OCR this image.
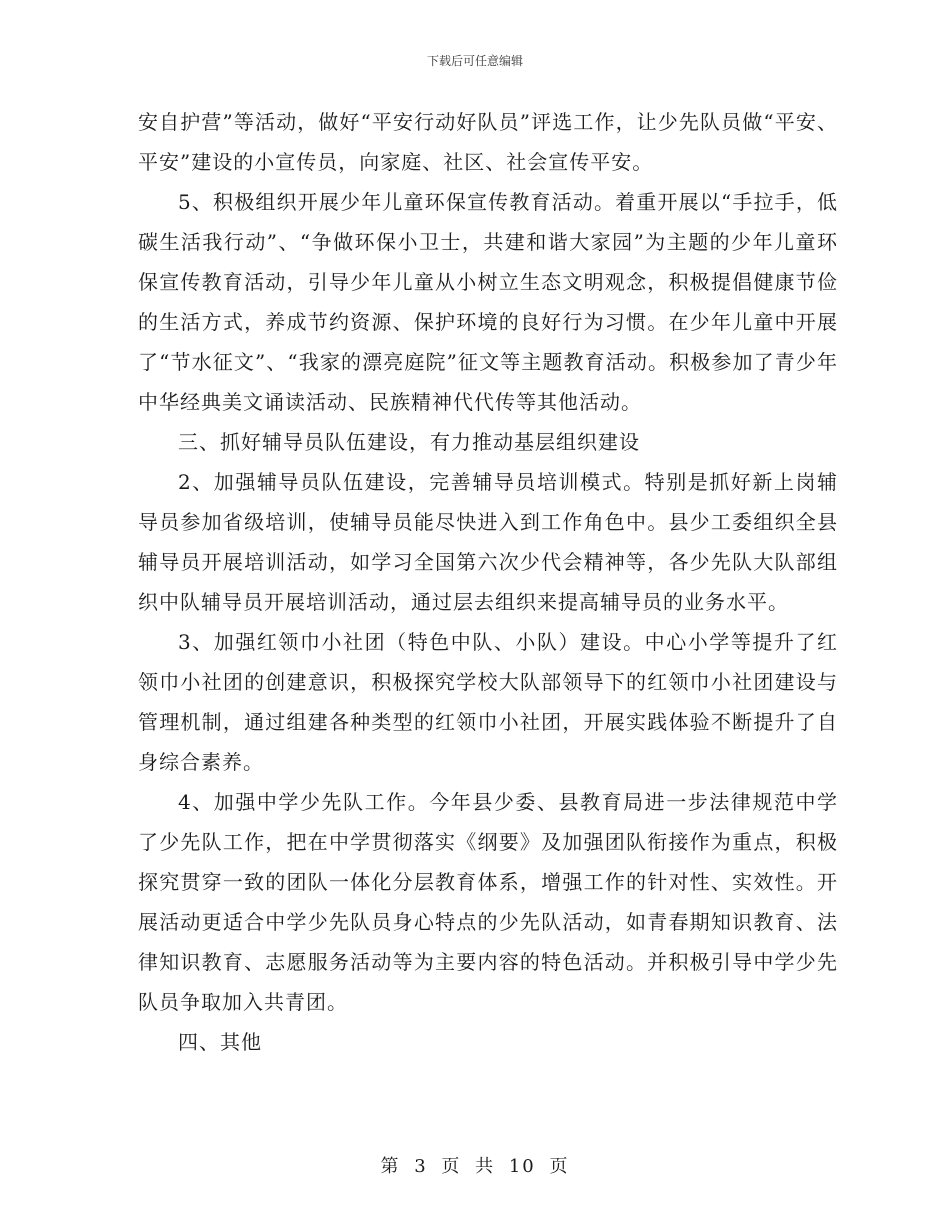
下载后可任意编辑

安自护营”等活动，做好“平安行动好队员”评选工作，让少先队员做“平安、平安”建设的小宣传员，向家庭、社区、社会宣传平安。

5、积极组织开展少年儿童环保宣传教育活动。着重开展以“手拉手，低碳生活我行动”、“争做环保小卫士，共建和谐大家园”为主题的少年儿童环保宣传教育活动，引导少年儿童从小树立生态文明观念，积极提倡健康节俭的生活方式，养成节约资源、保护环境的良好行为习惯。在少年儿童中开展了“节水征文”、“我家的漂亮庭院”征文等主题教育活动。积极参加了青少年中华经典美文诵读活动、民族精神代代传等其他活动。

三、抓好辅导员队伍建设，有力推动基层组织建设

2、加强辅导员队伍建设，完善辅导员培训模式。特别是抓好新上岗辅导员参加省级培训，使辅导员能尽快进入到工作角色中。县少工委组织全县辅导员开展培训活动，如学习全国第六次少代会精神等，各少先队大队部组织中队辅导员开展培训活动，通过层去组织来提高辅导员的业务水平。

3、加强红领巾小社团（特色中队、小队）建设。中心小学等提升了红领巾小社团的创建意识，积极探究学校大队部领导下的红领巾小社团建设与管理机制，通过组建各种类型的红领巾小社团，开展实践体验不断提升了自身综合素养。

4、加强中学少先队工作。今年县少委、县教育局进一步法律规范中学了少先队工作，把在中学贯彻落实《纲要》及加强团队衔接作为重点，积极探究贯穿一致的团队一体化分层教育体系，增强工作的针对性、实效性。开展活动更适合中学少先队员身心特点的少先队活动，如青春期知识教育、法律知识教育、志愿服务活动等为主要内容的特色活动。并积极引导中学少先队员争取加入共青团。

四、其他

第 3 页 共 10 页
